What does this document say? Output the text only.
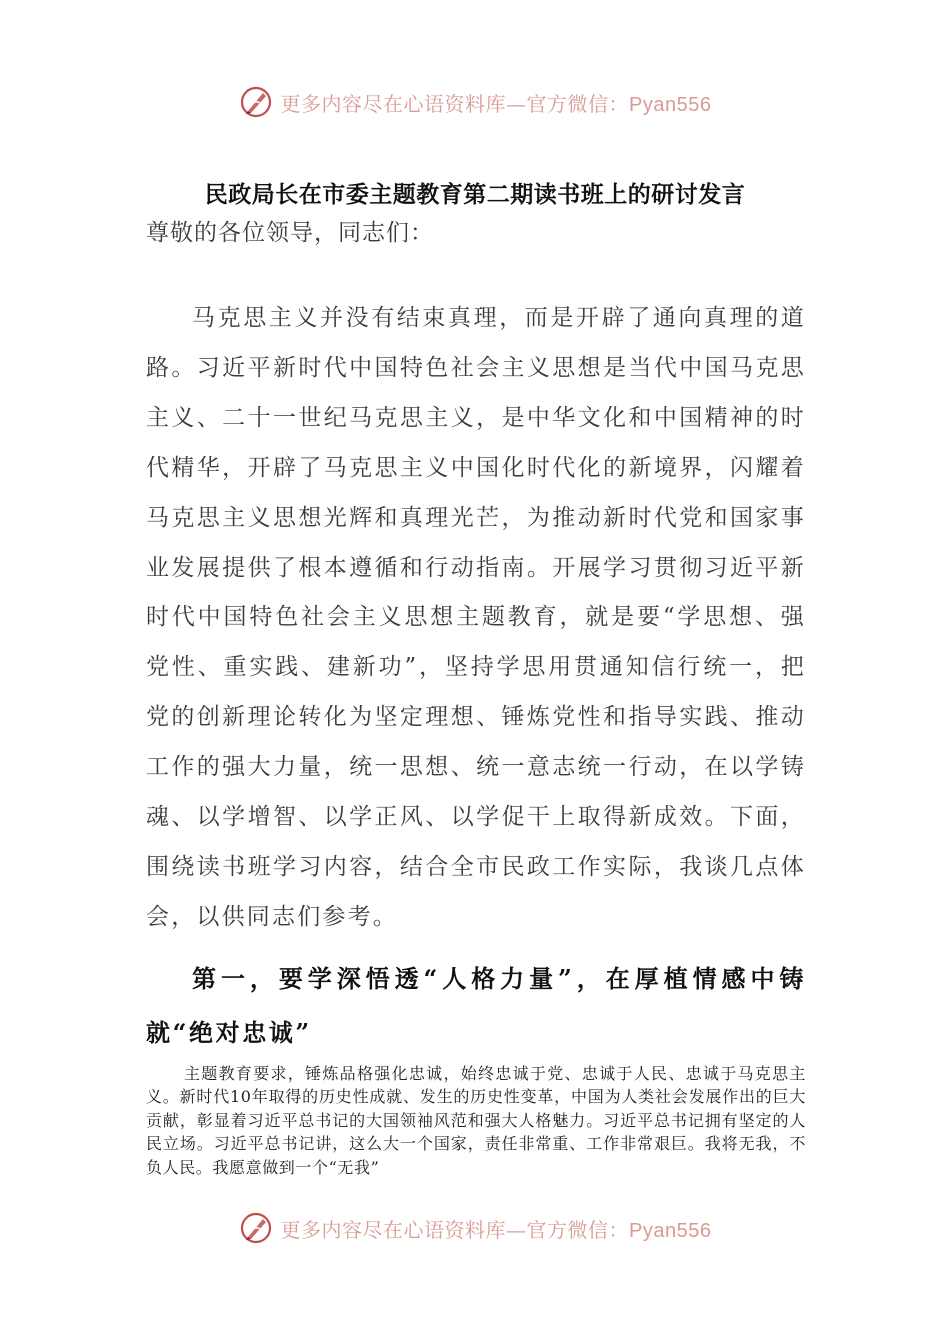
更多内容尽在心语资料库—官方微信：Pyan556
民政局长在市委主题教育第二期读书班上的研讨发言
尊敬的各位领导，同志们：

马克思主义并没有结束真理，而是开辟了通向真理的道路。习近平新时代中国特色社会主义思想是当代中国马克思主义、二十一世纪马克思主义，是中华文化和中国精神的时代精华，开辟了马克思主义中国化时代化的新境界，闪耀着马克思主义思想光辉和真理光芒，为推动新时代党和国家事业发展提供了根本遵循和行动指南。开展学习贯彻习近平新时代中国特色社会主义思想主题教育，就是要“学思想、强党性、重实践、建新功”，坚持学思用贯通知信行统一，把党的创新理论转化为坚定理想、锤炼党性和指导实践、推动工作的强大力量，统一思想、统一意志统一行动，在以学铸魂、以学增智、以学正风、以学促干上取得新成效。下面，围绕读书班学习内容，结合全市民政工作实际，我谈几点体会，以供同志们参考。

第一，要学深悟透“人格力量”，在厚植情感中铸就“绝对忠诚”

主题教育要求，锤炼品格强化忠诚，始终忠诚于党、忠诚于人民、忠诚于马克思主义。新时代10年取得的历史性成就、发生的历史性变革，中国为人类社会发展作出的巨大贡献，彰显着习近平总书记的大国领袖风范和强大人格魅力。习近平总书记拥有坚定的人民立场。习近平总书记讲，这么大一个国家，责任非常重、工作非常艰巨。我将无我，不负人民。我愿意做到一个“无我”

更多内容尽在心语资料库—官方微信：Pyan556
